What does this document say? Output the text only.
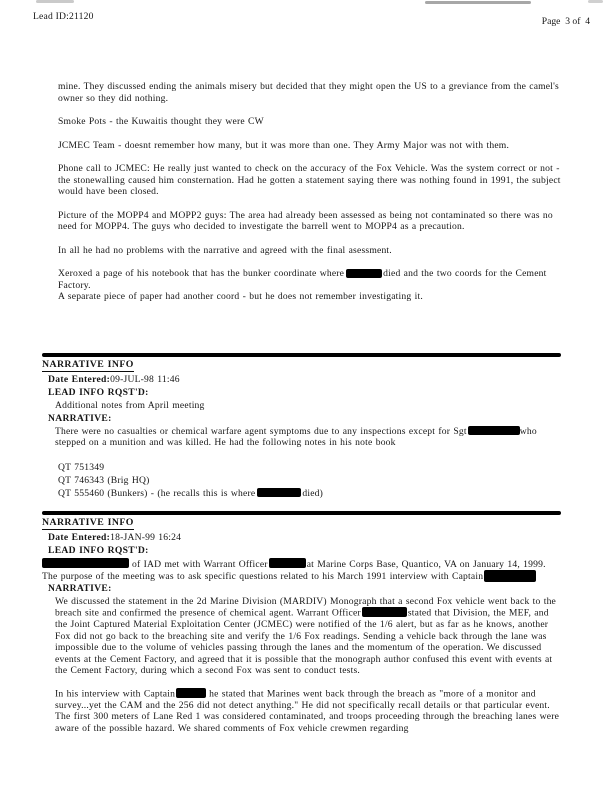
Lead ID:21120	Page  3 of  4

mine. They discussed ending the animals misery but decided that they might open the US to a greviance from the camel's owner so they did nothing.

Smoke Pots - the Kuwaitis thought they were CW

JCMEC Team - doesnt remember how many, but it was more than one. They Army Major was not with them.

Phone call to JCMEC: He really just wanted to check on the accuracy of the Fox Vehicle. Was the system correct or not - the stonewalling caused him consternation. Had he gotten a statement saying there was nothing found in 1991, the subject would have been closed.

Picture of the MOPP4 and MOPP2 guys: The area had already been assessed as being not contaminated so there was no need for MOPP4. The guys who decided to investigate the barrell went to MOPP4 as a precaution.

In all he had no problems with the narrative and agreed with the final asessment.

Xeroxed a page of his notebook that has the bunker coordinate where	died and the two coords for the Cement Factory.

A separate piece of paper had another coord - but he does not remember investigating it.

NARRATIVE INFO
Date Entered:09-JUL-98 11:46
LEAD INFO RQST'D:
Additional notes from April meeting
NARRATIVE:

There were no casualties or chemical warfare agent symptoms due to any inspections except for Sgt	who stepped on a munition and was killed. He had the following notes in his note book

QT 751349
QT 746343 (Brig HQ)
QT 555460 (Bunkers) - (he recalls this is where	died)
NARRATIVE INFO
Date Entered:18-JAN-99 16:24
LEAD INFO RQST'D:

of IAD met with Warrant Officer	at Marine Corps Base, Quantico, VA on January 14, 1999. The purpose of the meeting was to ask specific questions related to his March 1991 interview with Captain

NARRATIVE:

We discussed the statement in the 2d Marine Division (MARDIV) Monograph that a second Fox vehicle went back to the breach site and confirmed the presence of chemical agent. Warrant Officer	stated that Division, the MEF, and the Joint Captured Material Exploitation Center (JCMEC) were notified of the 1/6 alert, but as far as he knows, another Fox did not go back to the breaching site and verify the 1/6 Fox readings. Sending a vehicle back through the lane was impossible due to the volume of vehicles passing through the lanes and the momentum of the operation. We discussed events at the Cement Factory, and agreed that it is possible that the monograph author confused this event with events at the Cement Factory, during which a second Fox was sent to conduct tests.

In his interview with Captain	he stated that Marines went back through the breach as "more of a monitor and survey...yet the CAM and the 256 did not detect anything." He did not specifically recall details or that particular event. The first 300 meters of Lane Red 1 was considered contaminated, and troops proceeding through the breaching lanes were aware of the possible hazard. We shared comments of Fox vehicle crewmen regarding
